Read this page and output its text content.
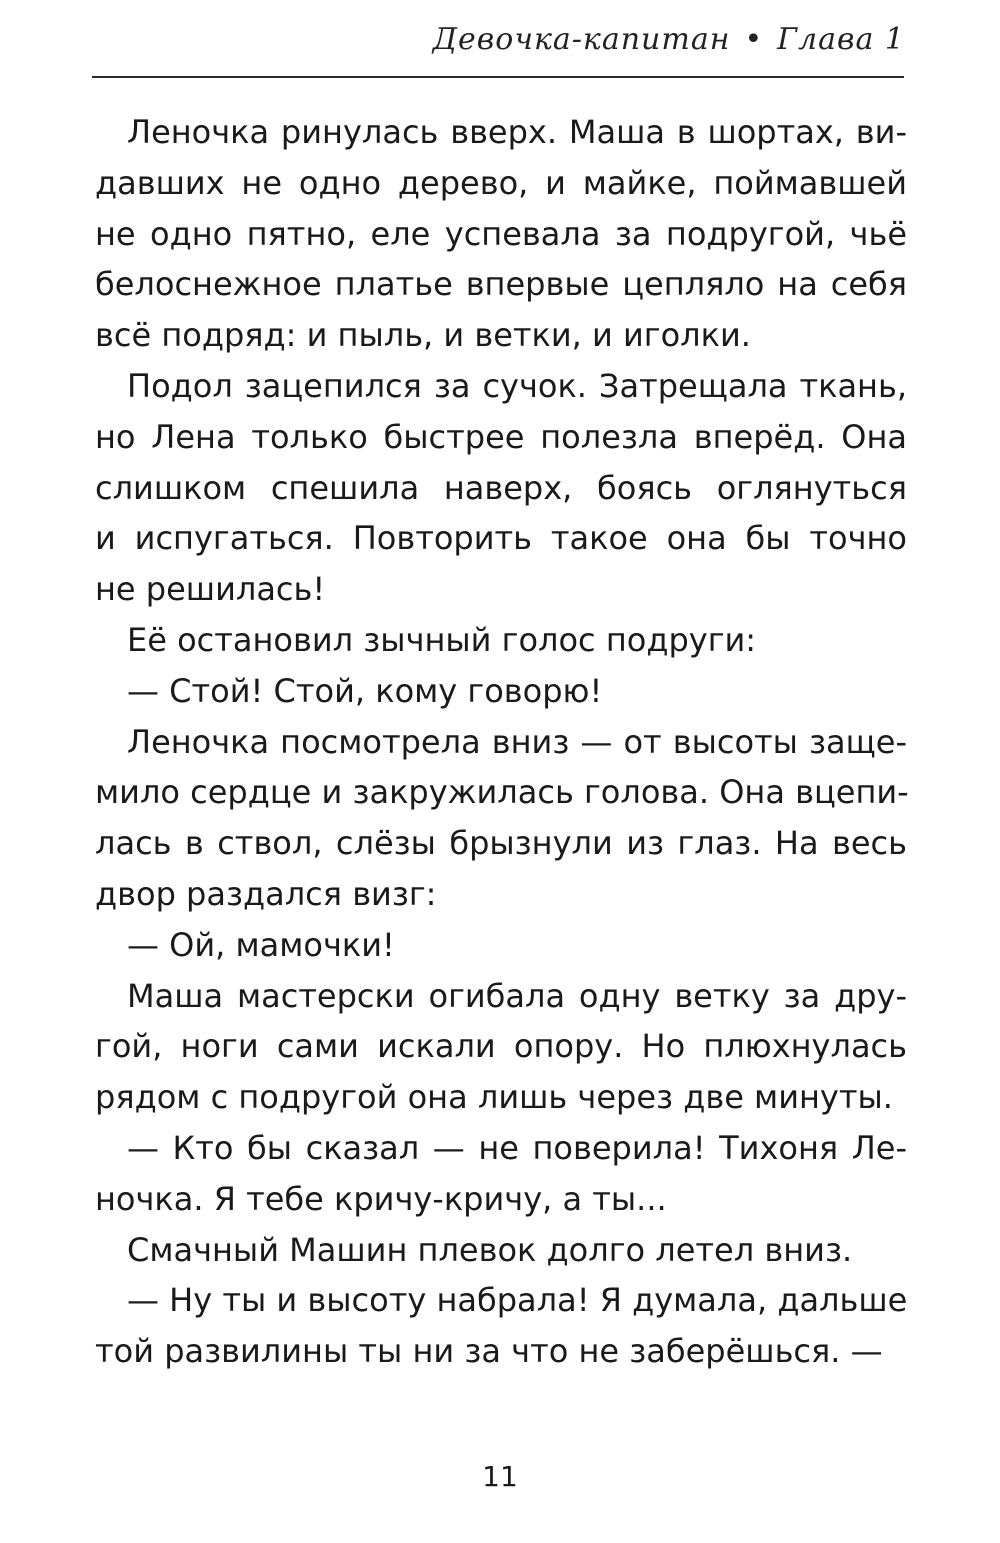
Девочка-капитан • Глава 1
Леночка ринулась вверх. Маша в шортах, ви-
давших не одно дерево, и майке, поймавшей
не одно пятно, еле успевала за подругой, чьё
белоснежное платье впервые цепляло на себя
всё подряд: и пыль, и ветки, и иголки.
Подол зацепился за сучок. Затрещала ткань,
но Лена только быстрее полезла вперёд. Она
слишком спешила наверх, боясь оглянуться
и испугаться. Повторить такое она бы точно
не решилась!
Её остановил зычный голос подруги:
— Стой! Стой, кому говорю!
Леночка посмотрела вниз — от высоты заще-
мило сердце и закружилась голова. Она вцепи-
лась в ствол, слёзы брызнули из глаз. На весь
двор раздался визг:
— Ой, мамочки!
Маша мастерски огибала одну ветку за дру-
гой, ноги сами искали опору. Но плюхнулась
рядом с подругой она лишь через две минуты.
— Кто бы сказал — не поверила! Тихоня Ле-
ночка. Я тебе кричу-кричу, а ты...
Смачный Машин плевок долго летел вниз.
— Ну ты и высоту набрала! Я думала, дальше
той развилины ты ни за что не заберёшься. —
11
